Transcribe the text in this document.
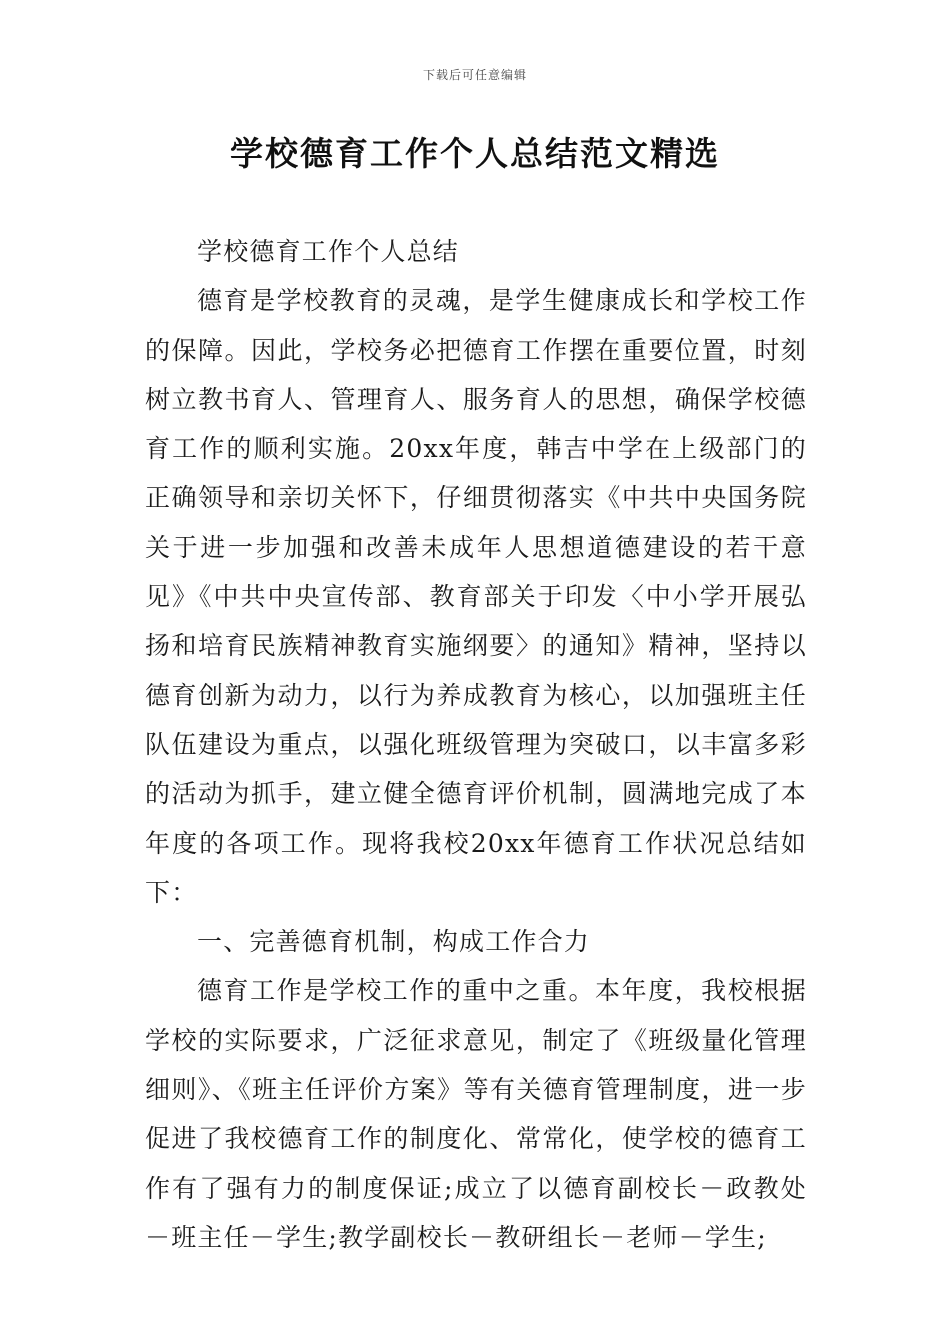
下载后可任意编辑
学校德育工作个人总结范文精选

学校德育工作个人总结

德育是学校教育的灵魂，是学生健康成长和学校工作的保障。因此，学校务必把德育工作摆在重要位置，时刻树立教书育人、管理育人、服务育人的思想，确保学校德育工作的顺利实施。20xx年度，韩吉中学在上级部门的正确领导和亲切关怀下，仔细贯彻落实《中共中央国务院关于进一步加强和改善未成年人思想道德建设的若干意见》《中共中央宣传部、教育部关于印发〈中小学开展弘扬和培育民族精神教育实施纲要〉的通知》精神，坚持以德育创新为动力，以行为养成教育为核心，以加强班主任队伍建设为重点，以强化班级管理为突破口，以丰富多彩的活动为抓手，建立健全德育评价机制，圆满地完成了本年度的各项工作。现将我校20xx年德育工作状况总结如下：

一、完善德育机制，构成工作合力

德育工作是学校工作的重中之重。本年度，我校根据学校的实际要求，广泛征求意见，制定了《班级量化管理细则》、《班主任评价方案》等有关德育管理制度，进一步促进了我校德育工作的制度化、常常化，使学校的德育工作有了强有力的制度保证;成立了以德育副校长－政教处－班主任－学生;教学副校长－教研组长－老师－学生;
